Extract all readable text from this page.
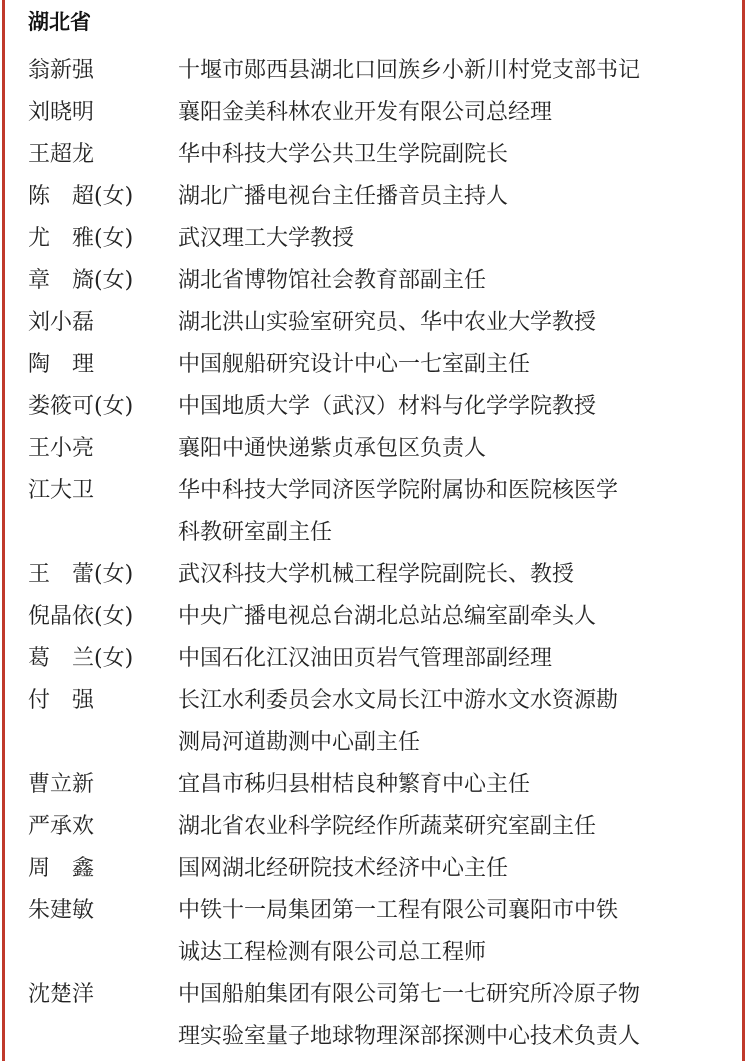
湖北省
翁新强	十堰市郧西县湖北口回族乡小新川村党支部书记
刘晓明	襄阳金美科林农业开发有限公司总经理
王超龙	华中科技大学公共卫生学院副院长
陈　超(女)	湖北广播电视台主任播音员主持人
尤　雅(女)	武汉理工大学教授
章　旖(女)	湖北省博物馆社会教育部副主任
刘小磊	湖北洪山实验室研究员、华中农业大学教授
陶　理	中国舰船研究设计中心一七室副主任
娄筱可(女)	中国地质大学（武汉）材料与化学学院教授
王小亮	襄阳中通快递紫贞承包区负责人
江大卫	华中科技大学同济医学院附属协和医院核医学
科教研室副主任
王　蕾(女)	武汉科技大学机械工程学院副院长、教授
倪晶依(女)	中央广播电视总台湖北总站总编室副牵头人
葛　兰(女)	中国石化江汉油田页岩气管理部副经理
付　强	长江水利委员会水文局长江中游水文水资源勘
测局河道勘测中心副主任
曹立新	宜昌市秭归县柑桔良种繁育中心主任
严承欢	湖北省农业科学院经作所蔬菜研究室副主任
周　鑫	国网湖北经研院技术经济中心主任
朱建敏	中铁十一局集团第一工程有限公司襄阳市中铁
诚达工程检测有限公司总工程师
沈楚洋	中国船舶集团有限公司第七一七研究所冷原子物
理实验室量子地球物理深部探测中心技术负责人
